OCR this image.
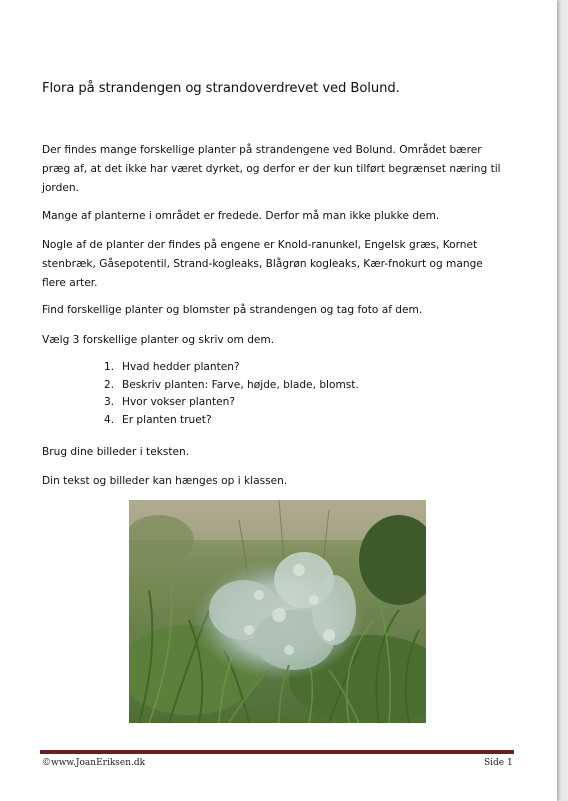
Flora på strandengen og strandoverdrevet ved Bolund.
Der findes mange forskellige planter på strandengene ved Bolund. Området bærer præg af, at det ikke har været dyrket, og derfor er der kun tilført begrænset næring til jorden.
Mange af planterne i området er fredede. Derfor må man ikke plukke dem.
Nogle af de planter der findes på engene er Knold-ranunkel, Engelsk græs, Kornet stenbræk, Gåsepotentil, Strand-kogleaks, Blågrøn kogleaks, Kær-fnokurt og mange flere arter.
Find forskellige planter og blomster på strandengen og tag foto af dem.
Vælg 3 forskellige planter og skriv om dem.
1. Hvad hedder planten?
2. Beskriv planten: Farve, højde, blade, blomst.
3. Hvor vokser planten?
4. Er planten truet?
Brug dine billeder i teksten.
Din tekst og billeder kan hænges op i klassen.
©www.JoanEriksen.dk	Side 1
